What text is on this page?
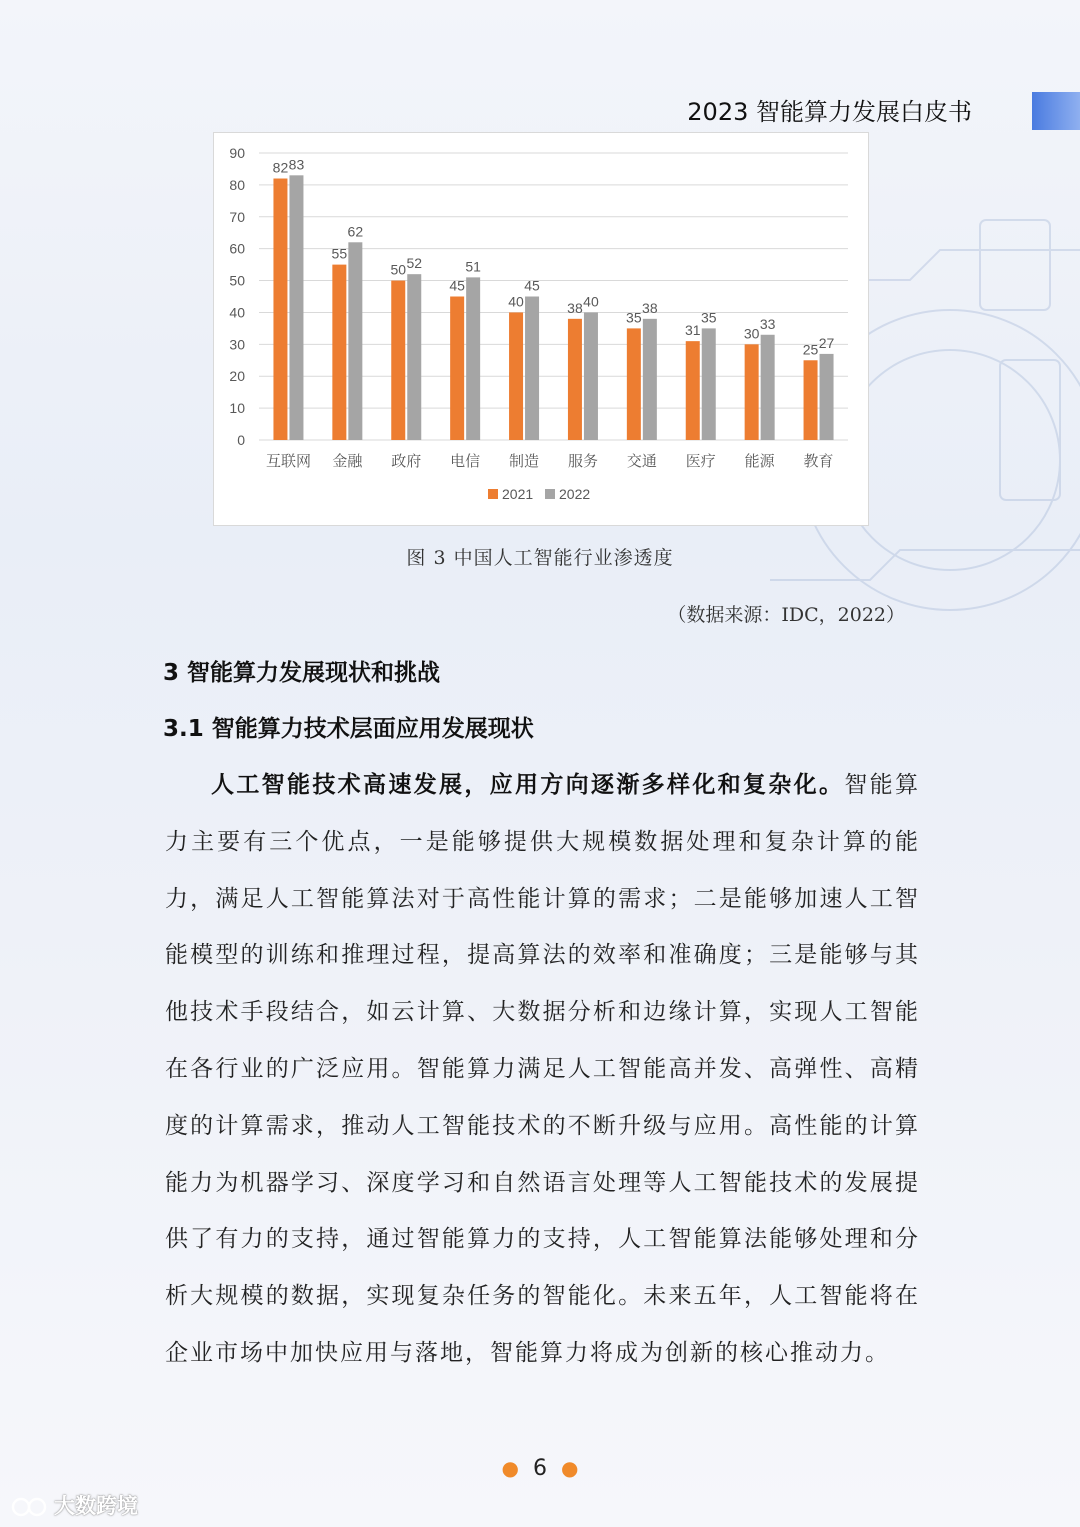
2023 智能算力发展白皮书
0
10
20
30
40
50
60
70
80
90
82 83
互联网
55
62
金融
50 52
政府
45
51
电信
40
45
制造
38 40
服务
35
38
交通
31
35
医疗
30
33
能源
25 27
教育
2021 2022
图 3 中国人工智能行业渗透度
（数据来源：IDC，2022）
3 智能算力发展现状和挑战
3.1 智能算力技术层面应用发展现状
人工智能技术高速发展，应用方向逐渐多样化和复杂化。智能算力主要有三个优点，一是能够提供大规模数据处理和复杂计算的能力，满足人工智能算法对于高性能计算的需求；二是能够加速人工智能模型的训练和推理过程，提高算法的效率和准确度；三是能够与其他技术手段结合，如云计算、大数据分析和边缘计算，实现人工智能在各行业的广泛应用。智能算力满足人工智能高并发、高弹性、高精度的计算需求，推动人工智能技术的不断升级与应用。高性能的计算能力为机器学习、深度学习和自然语言处理等人工智能技术的发展提供了有力的支持，通过智能算力的支持，人工智能算法能够处理和分析大规模的数据，实现复杂任务的智能化。未来五年，人工智能将在企业市场中加快应用与落地，智能算力将成为创新的核心推动力。
● 6 ●
大数跨境
